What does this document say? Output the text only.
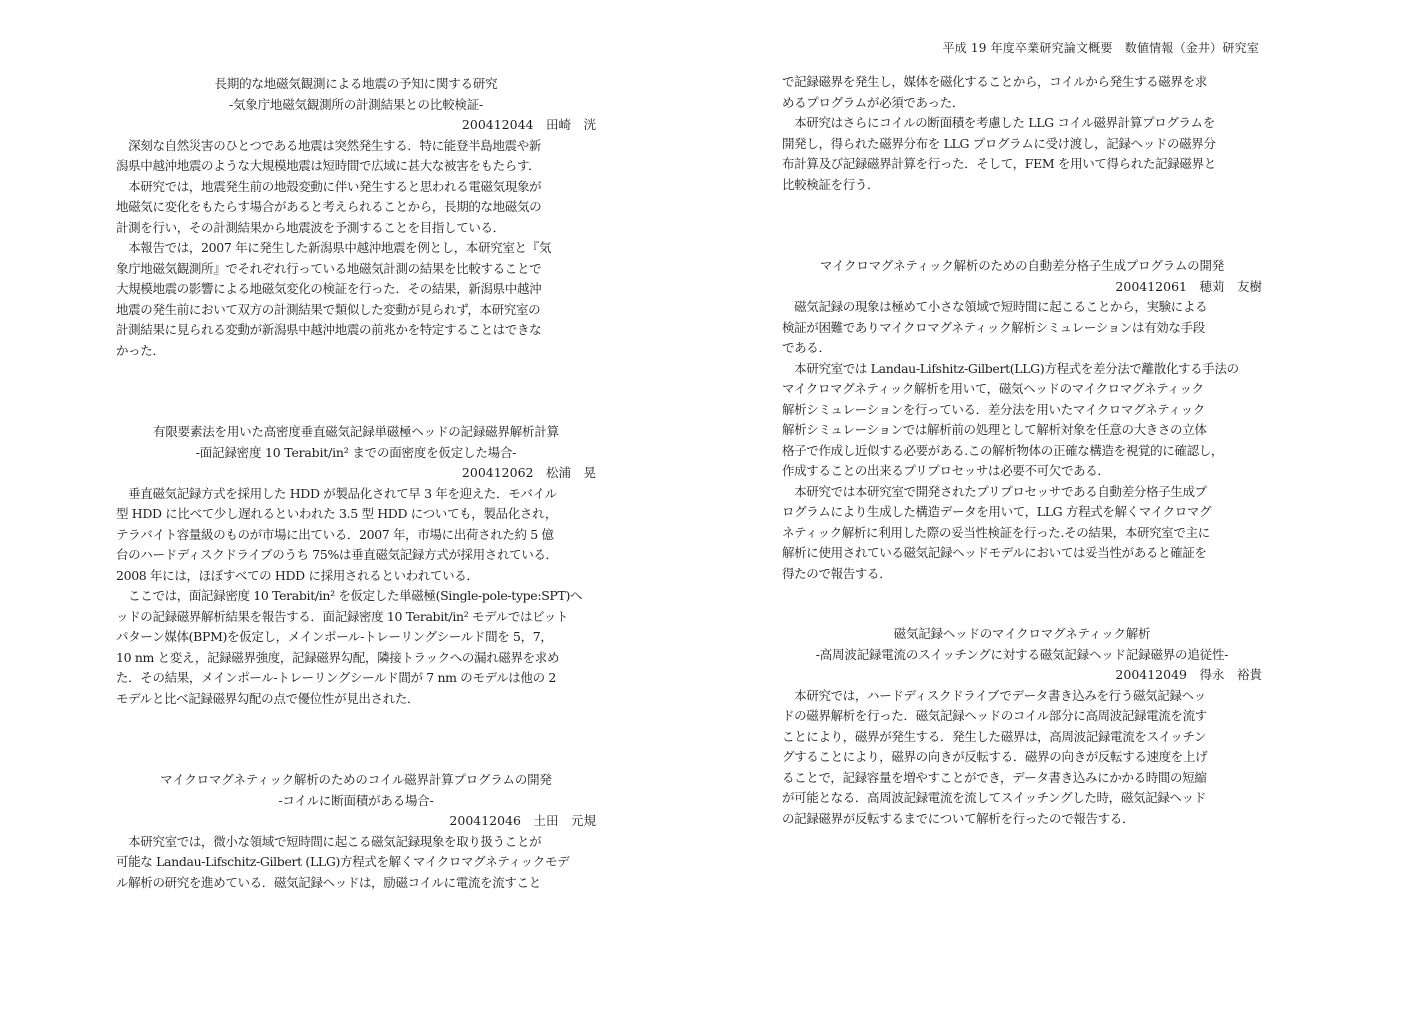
平成 19 年度卒業研究論文概要　数値情報（金井）研究室
長期的な地磁気観測による地震の予知に関する研究
-気象庁地磁気観測所の計測結果との比較検証-
200412044　田崎　洸
　深刻な自然災害のひとつである地震は突然発生する．特に能登半島地震や新
潟県中越沖地震のような大規模地震は短時間で広域に甚大な被害をもたらす．
　本研究では，地震発生前の地殻変動に伴い発生すると思われる電磁気現象が
地磁気に変化をもたらす場合があると考えられることから，長期的な地磁気の
計測を行い，その計測結果から地震波を予測することを目指している．
　本報告では，2007 年に発生した新潟県中越沖地震を例とし，本研究室と『気
象庁地磁気観測所』でそれぞれ行っている地磁気計測の結果を比較することで
大規模地震の影響による地磁気変化の検証を行った．その結果，新潟県中越沖
地震の発生前において双方の計測結果で類似した変動が見られず，本研究室の
計測結果に見られる変動が新潟県中越沖地震の前兆かを特定することはできな
かった．
有限要素法を用いた高密度垂直磁気記録単磁極ヘッドの記録磁界解析計算
-面記録密度 10 Terabit/in² までの面密度を仮定した場合-
200412062　松浦　晃
　垂直磁気記録方式を採用した HDD が製品化されて早 3 年を迎えた．モバイル
型 HDD に比べて少し遅れるといわれた 3.5 型 HDD についても，製品化され，
テラバイト容量級のものが市場に出ている．2007 年，市場に出荷された約 5 億
台のハードディスクドライブのうち 75%は垂直磁気記録方式が採用されている．
2008 年には，ほぼすべての HDD に採用されるといわれている．
　ここでは，面記録密度 10 Terabit/in² を仮定した単磁極(Single-pole-type:SPT)へ
ッドの記録磁界解析結果を報告する．面記録密度 10 Terabit/in² モデルではビット
パターン媒体(BPM)を仮定し，メインポール-トレーリングシールド間を 5，7，
10 nm と変え，記録磁界強度，記録磁界勾配，隣接トラックへの漏れ磁界を求め
た．その結果，メインポール-トレーリングシールド間が 7 nm のモデルは他の 2
モデルと比べ記録磁界勾配の点で優位性が見出された．
マイクロマグネティック解析のためのコイル磁界計算プログラムの開発
-コイルに断面積がある場合-
200412046　土田　元規
　本研究室では，微小な領域で短時間に起こる磁気記録現象を取り扱うことが
可能な Landau-Lifschitz-Gilbert (LLG)方程式を解くマイクロマグネティックモデ
ル解析の研究を進めている．磁気記録ヘッドは，励磁コイルに電流を流すこと
で記録磁界を発生し，媒体を磁化することから，コイルから発生する磁界を求
めるプログラムが必須であった．
　本研究はさらにコイルの断面積を考慮した LLG コイル磁界計算プログラムを
開発し，得られた磁界分布を LLG プログラムに受け渡し，記録ヘッドの磁界分
布計算及び記録磁界計算を行った．そして，FEM を用いて得られた記録磁界と
比較検証を行う．
マイクロマグネティック解析のための自動差分格子生成プログラムの開発
200412061　穂苅　友樹
　磁気記録の現象は極めて小さな領域で短時間に起こることから，実験による
検証が困難でありマイクロマグネティック解析シミュレーションは有効な手段
である．
　本研究室では Landau-Lifshitz-Gilbert(LLG)方程式を差分法で離散化する手法の
マイクロマグネティック解析を用いて，磁気ヘッドのマイクロマグネティック
解析シミュレーションを行っている．差分法を用いたマイクロマグネティック
解析シミュレーションでは解析前の処理として解析対象を任意の大きさの立体
格子で作成し近似する必要がある.この解析物体の正確な構造を視覚的に確認し，
作成することの出来るプリプロセッサは必要不可欠である．
　本研究では本研究室で開発されたプリプロセッサである自動差分格子生成プ
ログラムにより生成した構造データを用いて，LLG 方程式を解くマイクロマグ
ネティック解析に利用した際の妥当性検証を行った.その結果，本研究室で主に
解析に使用されている磁気記録ヘッドモデルにおいては妥当性があると確証を
得たので報告する．
磁気記録ヘッドのマイクロマグネティック解析
-高周波記録電流のスイッチングに対する磁気記録ヘッド記録磁界の追従性-
200412049　得永　裕貴
　本研究では，ハードディスクドライブでデータ書き込みを行う磁気記録ヘッ
ドの磁界解析を行った．磁気記録ヘッドのコイル部分に高周波記録電流を流す
ことにより，磁界が発生する．発生した磁界は，高周波記録電流をスイッチン
グすることにより，磁界の向きが反転する．磁界の向きが反転する速度を上げ
ることで，記録容量を増やすことができ，データ書き込みにかかる時間の短縮
が可能となる．高周波記録電流を流してスイッチングした時，磁気記録ヘッド
の記録磁界が反転するまでについて解析を行ったので報告する．
